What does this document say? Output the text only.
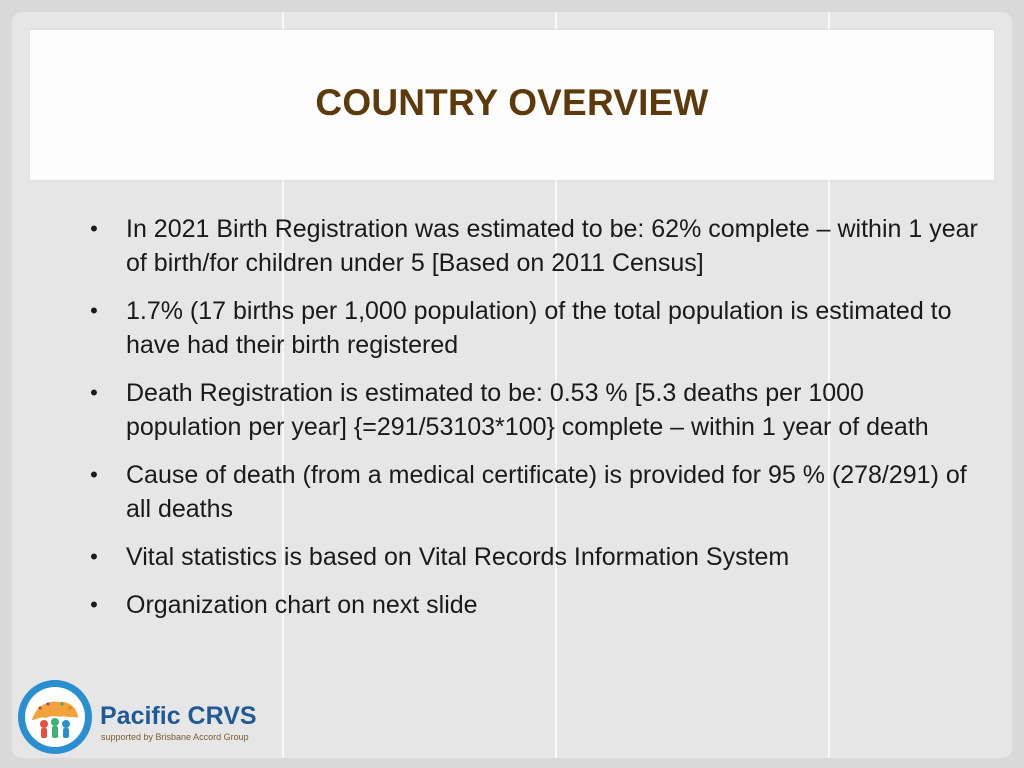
COUNTRY OVERVIEW
• In 2021 Birth Registration was estimated to be: 62% complete – within 1 year of birth/for children under 5 [Based on 2011 Census]
• 1.7% (17 births per 1,000 population) of the total population is estimated to have had their birth registered
• Death Registration is estimated to be: 0.53 % [5.3 deaths per 1000 population per year] {=291/53103*100} complete – within 1 year of death
• Cause of death (from a medical certificate) is provided for 95 % (278/291) of all deaths
• Vital statistics is based on Vital Records Information System
• Organization chart on next slide
Pacific CRVS
supported by Brisbane Accord Group
